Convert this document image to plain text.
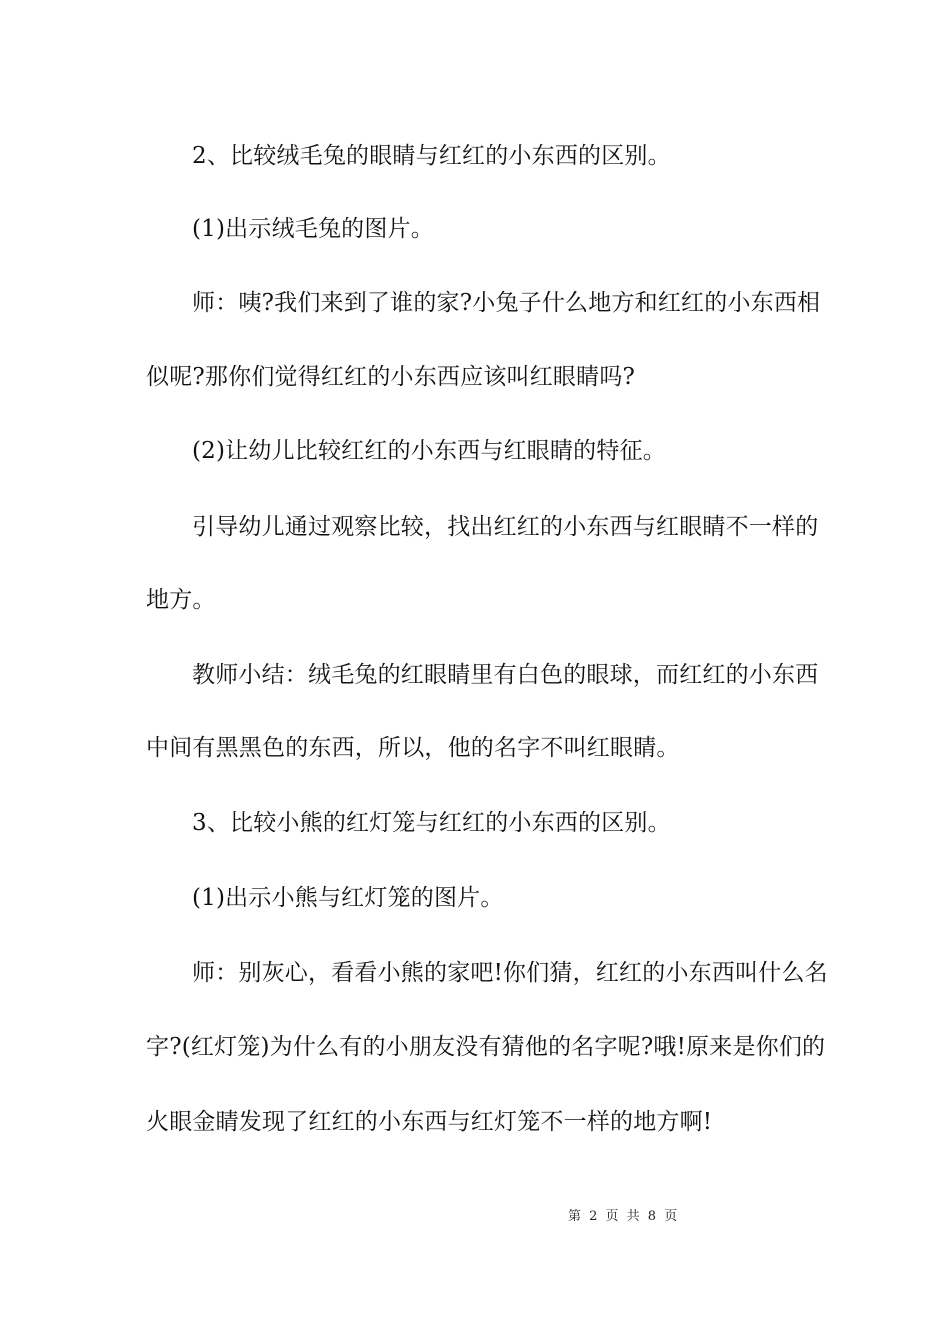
2、比较绒毛兔的眼睛与红红的小东西的区别。
(1)出示绒毛兔的图片。
师：咦?我们来到了谁的家?小兔子什么地方和红红的小东西相
似呢?那你们觉得红红的小东西应该叫红眼睛吗?
(2)让幼儿比较红红的小东西与红眼睛的特征。
引导幼儿通过观察比较，找出红红的小东西与红眼睛不一样的
地方。
教师小结：绒毛兔的红眼睛里有白色的眼球，而红红的小东西
中间有黑黑色的东西，所以，他的名字不叫红眼睛。
3、比较小熊的红灯笼与红红的小东西的区别。
(1)出示小熊与红灯笼的图片。
师：别灰心，看看小熊的家吧!你们猜，红红的小东西叫什么名
字?(红灯笼)为什么有的小朋友没有猜他的名字呢?哦!原来是你们的
火眼金睛发现了红红的小东西与红灯笼不一样的地方啊!
第 2 页 共 8 页
